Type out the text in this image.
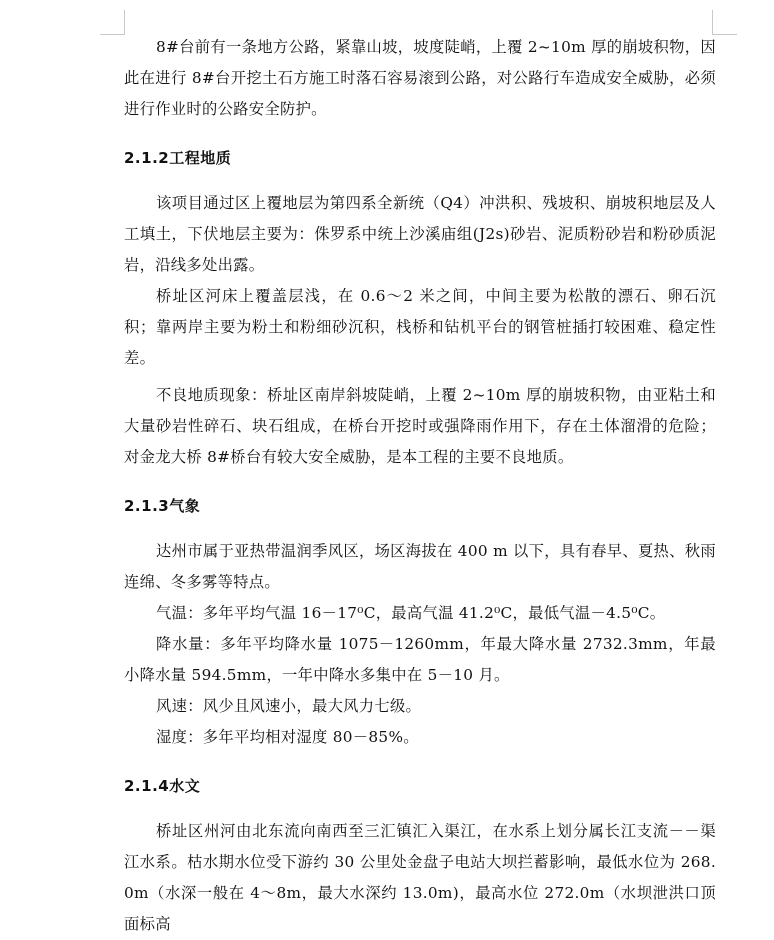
8#台前有一条地方公路，紧靠山坡，坡度陡峭，上覆 2~10m 厚的崩坡积物，因此在进行 8#台开挖土石方施工时落石容易滚到公路，对公路行车造成安全威胁，必须进行作业时的公路安全防护。

2.1.2工程地质

该项目通过区上覆地层为第四系全新统（Q4）冲洪积、残坡积、崩坡积地层及人工填土，下伏地层主要为：侏罗系中统上沙溪庙组(J2s)砂岩、泥质粉砂岩和粉砂质泥岩，沿线多处出露。

桥址区河床上覆盖层浅，在 0.6～2 米之间，中间主要为松散的漂石、卵石沉积；靠两岸主要为粉土和粉细砂沉积，栈桥和钻机平台的钢管桩插打较困难、稳定性差。

不良地质现象：桥址区南岸斜坡陡峭，上覆 2~10m 厚的崩坡积物，由亚粘土和大量砂岩性碎石、块石组成，在桥台开挖时或强降雨作用下，存在土体溜滑的危险；对金龙大桥 8#桥台有较大安全威胁，是本工程的主要不良地质。

2.1.3气象

达州市属于亚热带温润季风区，场区海拔在 400 m 以下，具有春早、夏热、秋雨连绵、冬多雾等特点。

气温：多年平均气温 16－17⁰C，最高气温 41.2⁰C，最低气温－4.5⁰C。

降水量：多年平均降水量 1075－1260mm，年最大降水量 2732.3mm，年最小降水量 594.5mm，一年中降水多集中在 5－10 月。

风速：风少且风速小，最大风力七级。

湿度：多年平均相对湿度 80－85%。

2.1.4水文

桥址区州河由北东流向南西至三汇镇汇入渠江，在水系上划分属长江支流－－渠江水系。枯水期水位受下游约 30 公里处金盘子电站大坝拦蓄影响，最低水位为 268.0m（水深一般在 4～8m，最大水深约 13.0m)，最高水位 272.0m（水坝泄洪口顶面标高
